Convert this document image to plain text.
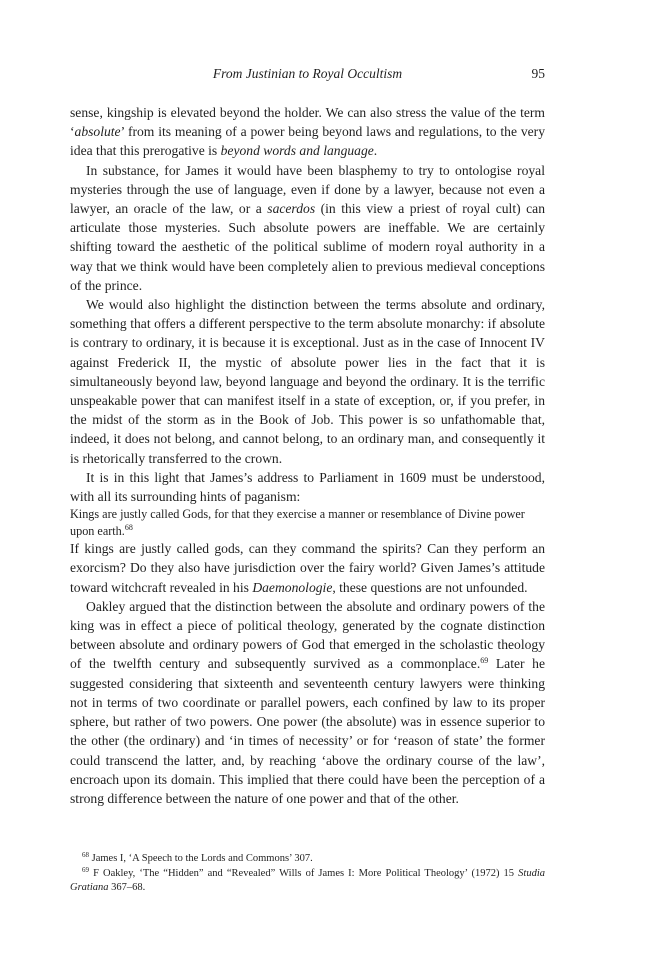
From Justinian to Royal Occultism	95

sense, kingship is elevated beyond the holder. We can also stress the value of the term ‘absolute’ from its meaning of a power being beyond laws and regulations, to the very idea that this prerogative is beyond words and language.

In substance, for James it would have been blasphemy to try to ontologise royal mysteries through the use of language, even if done by a lawyer, because not even a lawyer, an oracle of the law, or a sacerdos (in this view a priest of royal cult) can articulate those mysteries. Such absolute powers are ineffable. We are certainly shifting toward the aesthetic of the political sublime of modern royal authority in a way that we think would have been completely alien to previous medieval conceptions of the prince.

We would also highlight the distinction between the terms absolute and ordinary, something that offers a different perspective to the term absolute monarchy: if absolute is contrary to ordinary, it is because it is exceptional. Just as in the case of Innocent IV against Frederick II, the mystic of absolute power lies in the fact that it is simultaneously beyond law, beyond language and beyond the ordinary. It is the terrific unspeakable power that can manifest itself in a state of exception, or, if you prefer, in the midst of the storm as in the Book of Job. This power is so unfathomable that, indeed, it does not belong, and cannot belong, to an ordinary man, and consequently it is rhetorically transferred to the crown.

It is in this light that James’s address to Parliament in 1609 must be understood, with all its surrounding hints of paganism:

Kings are justly called Gods, for that they exercise a manner or resemblance of Divine power upon earth.$^{68}$

If kings are justly called gods, can they command the spirits? Can they perform an exorcism? Do they also have jurisdiction over the fairy world? Given James’s attitude toward witchcraft revealed in his Daemonologie, these questions are not unfounded.

Oakley argued that the distinction between the absolute and ordinary powers of the king was in effect a piece of political theology, generated by the cognate distinction between absolute and ordinary powers of God that emerged in the scholastic theology of the twelfth century and subsequently survived as a commonplace.$^{69}$ Later he suggested considering that sixteenth and seventeenth century lawyers were thinking not in terms of two coordinate or parallel powers, each confined by law to its proper sphere, but rather of two powers. One power (the absolute) was in essence superior to the other (the ordinary) and ‘in times of necessity’ or for ‘reason of state’ the former could transcend the latter, and, by reaching ‘above the ordinary course of the law’, encroach upon its domain. This implied that there could have been the perception of a strong difference between the nature of one power and that of the other.

$^{68}$ James I, ‘A Speech to the Lords and Commons’ 307.

$^{69}$ F Oakley, ‘The “Hidden” and “Revealed” Wills of James I: More Political Theology’ (1972) 15 Studia Gratiana 367–68.
